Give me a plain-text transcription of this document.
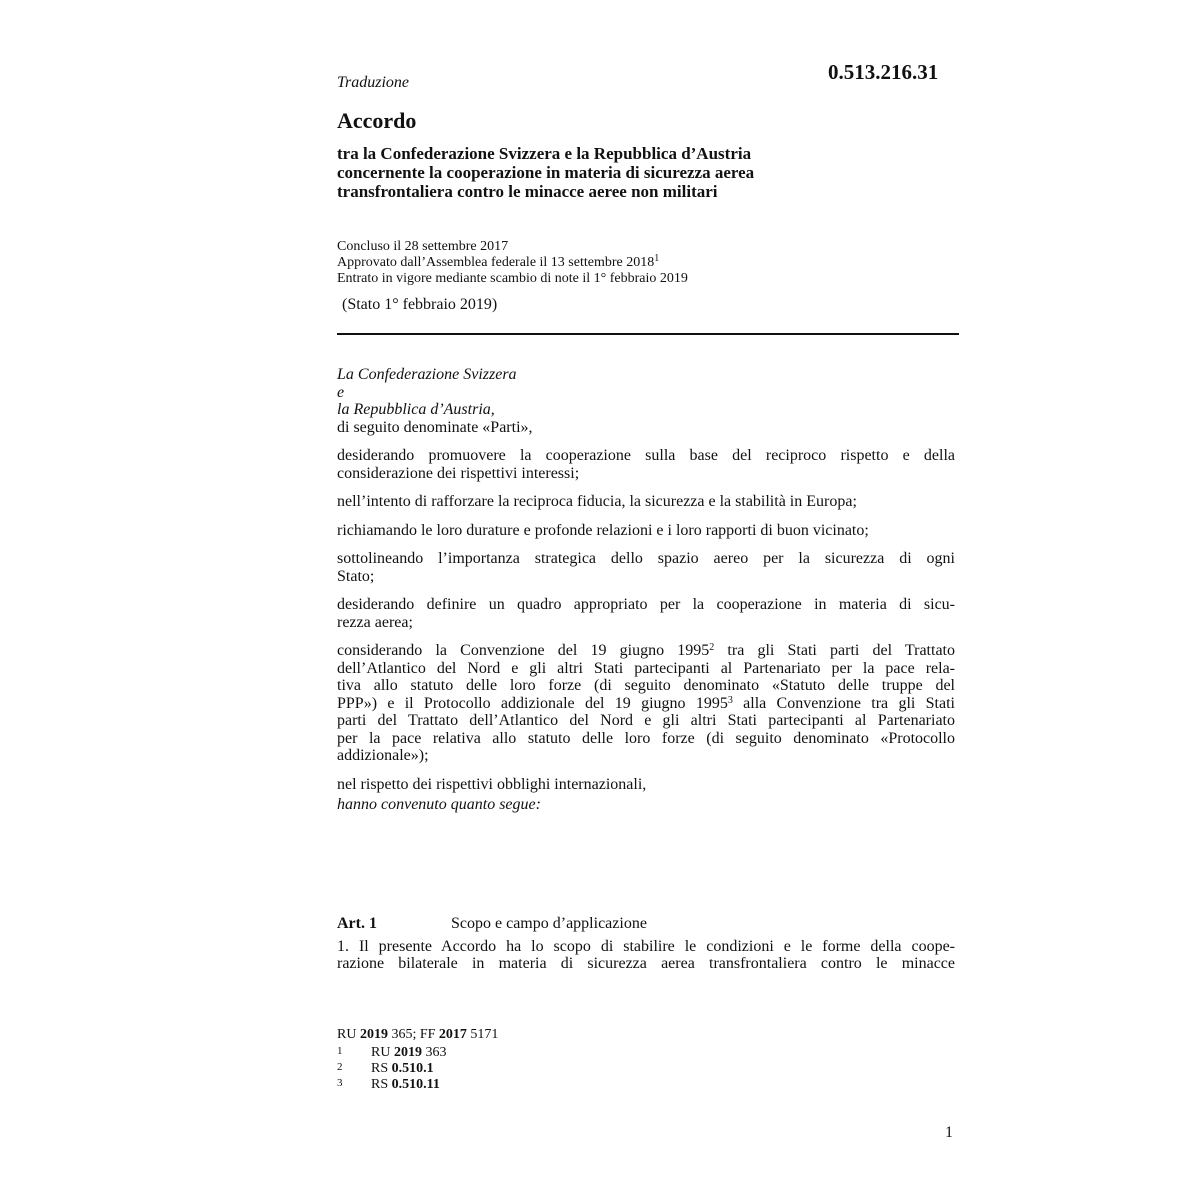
0.513.216.31
Traduzione
Accordo
tra la Confederazione Svizzera e la Repubblica d’Austria
concernente la cooperazione in materia di sicurezza aerea
transfrontaliera contro le minacce aeree non militari
Concluso il 28 settembre 2017
Approvato dall’Assemblea federale il 13 settembre 2018$^1$
Entrato in vigore mediante scambio di note il 1° febbraio 2019
(Stato 1° febbraio 2019)
La Confederazione Svizzera
e
la Repubblica d’Austria,
di seguito denominate «Parti»,
desiderando promuovere la cooperazione sulla base del reciproco rispetto e della
considerazione dei rispettivi interessi;
nell’intento di rafforzare la reciproca fiducia, la sicurezza e la stabilità in Europa;
richiamando le loro durature e profonde relazioni e i loro rapporti di buon vicinato;
sottolineando l’importanza strategica dello spazio aereo per la sicurezza di ogni
Stato;
desiderando definire un quadro appropriato per la cooperazione in materia di sicu-
rezza aerea;
considerando la Convenzione del 19 giugno 1995$^2$ tra gli Stati parti del Trattato
dell’Atlantico del Nord e gli altri Stati partecipanti al Partenariato per la pace rela-
tiva allo statuto delle loro forze (di seguito denominato «Statuto delle truppe del
PPP») e il Protocollo addizionale del 19 giugno 1995$^3$ alla Convenzione tra gli Stati
parti del Trattato dell’Atlantico del Nord e gli altri Stati partecipanti al Partenariato
per la pace relativa allo statuto delle loro forze (di seguito denominato «Protocollo
addizionale»);
nel rispetto dei rispettivi obblighi internazionali,
hanno convenuto quanto segue:
Art. 1	Scopo e campo d’applicazione
1. Il presente Accordo ha lo scopo di stabilire le condizioni e le forme della coope-
razione bilaterale in materia di sicurezza aerea transfrontaliera contro le minacce
RU 2019 365; FF 2017 5171
1	RU 2019 363
2	RS 0.510.1
3	RS 0.510.11
1
